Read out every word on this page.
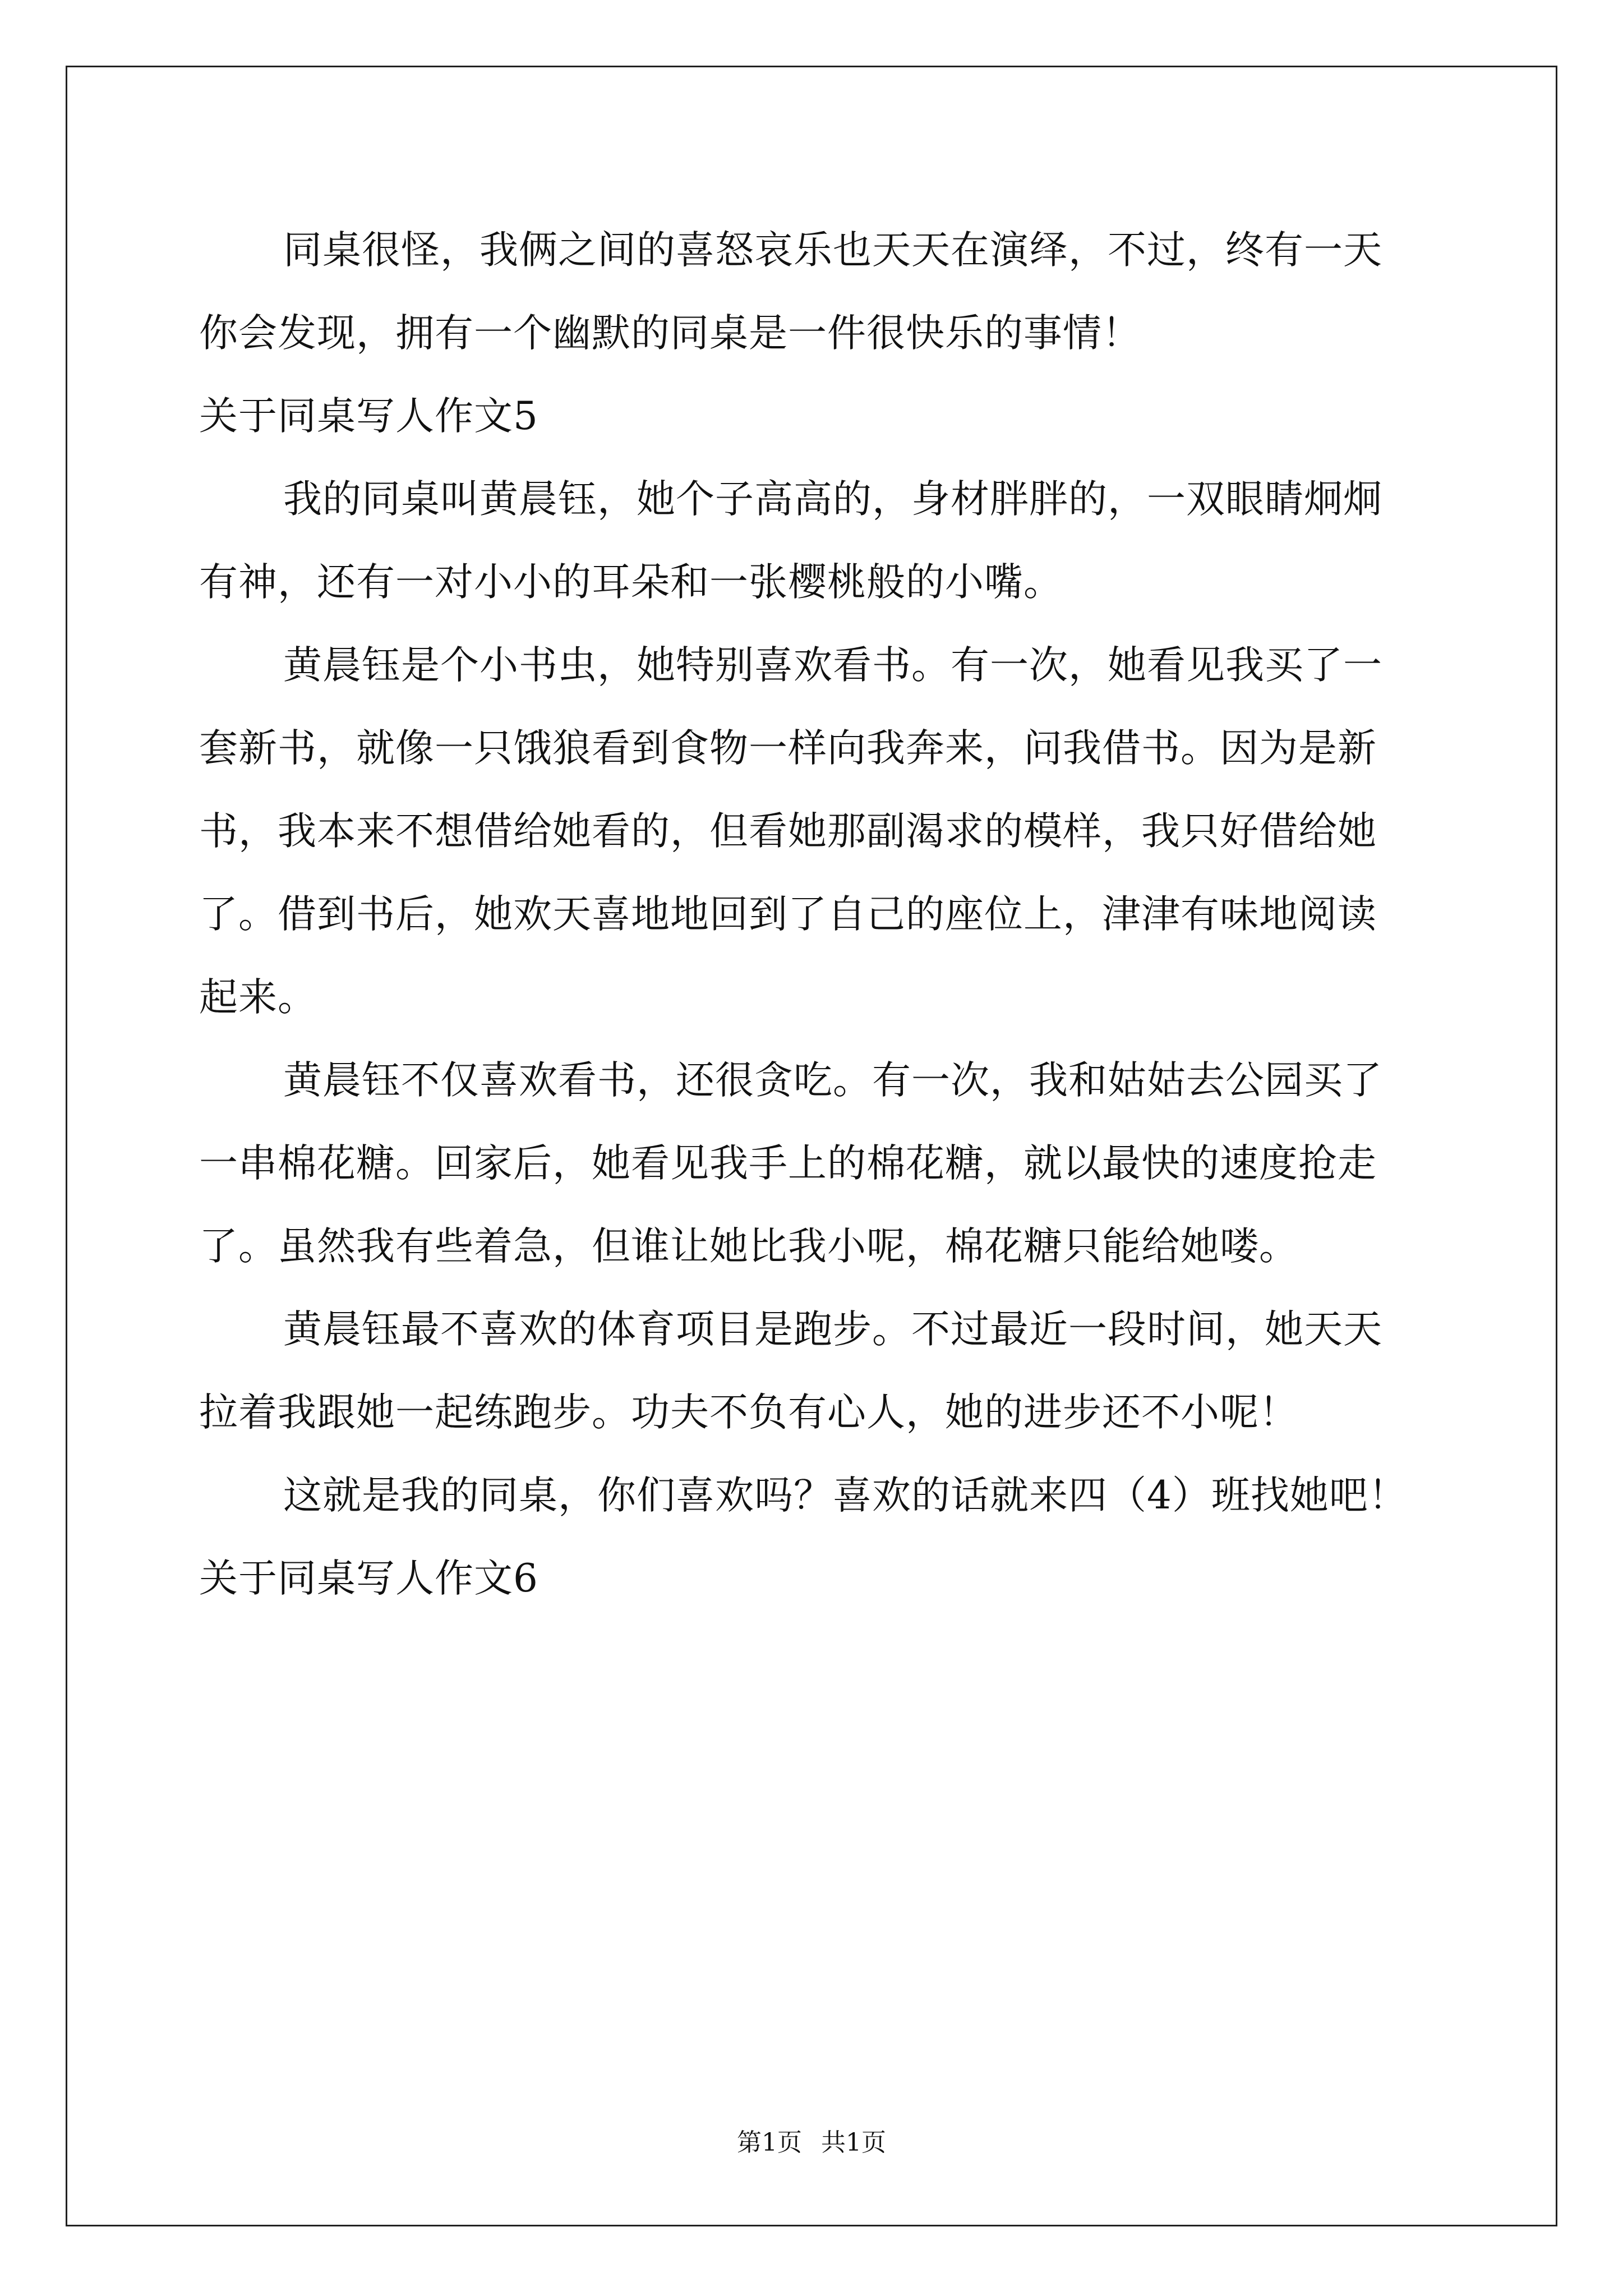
同桌很怪，我俩之间的喜怒哀乐也天天在演绎，不过，终有一天
你会发现，拥有一个幽默的同桌是一件很快乐的事情！
关于同桌写人作文5
我的同桌叫黄晨钰，她个子高高的，身材胖胖的，一双眼睛炯炯
有神，还有一对小小的耳朵和一张樱桃般的小嘴。
黄晨钰是个小书虫，她特别喜欢看书。有一次，她看见我买了一
套新书，就像一只饿狼看到食物一样向我奔来，问我借书。因为是新
书，我本来不想借给她看的，但看她那副渴求的模样，我只好借给她
了。借到书后，她欢天喜地地回到了自己的座位上，津津有味地阅读
起来。
黄晨钰不仅喜欢看书，还很贪吃。有一次，我和姑姑去公园买了
一串棉花糖。回家后，她看见我手上的棉花糖，就以最快的速度抢走
了。虽然我有些着急，但谁让她比我小呢，棉花糖只能给她喽。
黄晨钰最不喜欢的体育项目是跑步。不过最近一段时间，她天天
拉着我跟她一起练跑步。功夫不负有心人，她的进步还不小呢！
这就是我的同桌，你们喜欢吗？喜欢的话就来四（4）班找她吧！
关于同桌写人作文6
第1页 共1页
